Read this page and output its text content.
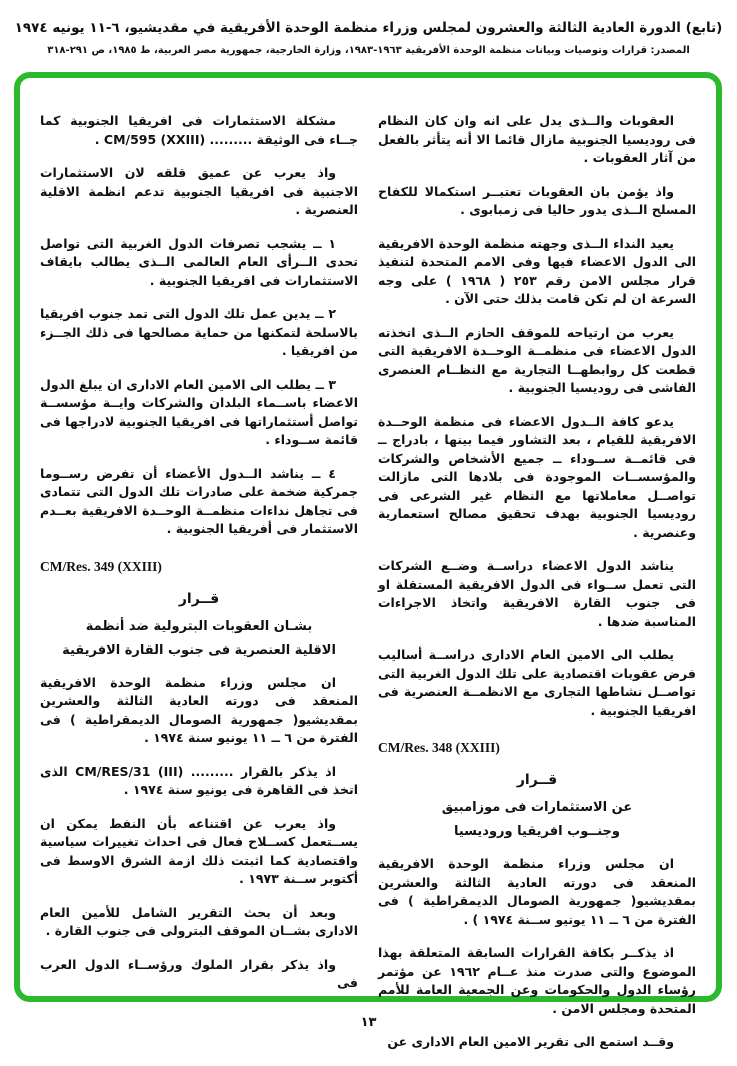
(تابع) الدورة العادية الثالثة والعشرون لمجلس وزراء منظمة الوحدة الأفريقية في مقديشيو، ٦-١١ يونيه ١٩٧٤
المصدر: قرارات وتوصيات وبيانات منظمة الوحدة الأفريقية ١٩٦٣-١٩٨٣، وزارة الخارجية، جمهورية مصر العربية، ط ١٩٨٥، ص ٢٩١-٣١٨

العقوبات والــذى يدل على انه وان كان النظام فى روديسيا الجنوبية مازال قائما الا أنه يتأثر بالفعل من آثار العقوبات .

واذ يؤمن بان العقوبات تعتبــر استكمالا للكفاح المسلح الــذى يدور حاليا فى زمبابوى .

يعيد النداء الــذى وجهته منظمة الوحدة الافريقية الى الدول الاعضاء فيها وفى الامم المتحدة لتنفيذ قرار مجلس الامن رقم ٢٥٣ ( ١٩٦٨ ) على وجه السرعة ان لم تكن قامت بذلك حتى الآن .

يعرب من ارتياحه للموقف الحازم الــذى اتخذته الدول الاعضاء فى منظمــة الوحــدة الافريقية التى قطعت كل روابطهــا التجارية مع النظــام العنصرى الفاشى فى روديسيا الجنوبية .

يدعو كافة الــدول الاعضاء فى منظمة الوحــدة الافريقية للقيام ، بعد التشاور فيما بينها ، بادراج ــ فى قائمــة ســوداء ــ جميع الأشخاص والشركات والمؤسســات الموجودة فى بلادها التى مازالت تواصــل معاملاتها مع النظام غير الشرعى فى روديسيا الجنوبية بهدف تحقيق مصالح استعمارية وعنصرية .

يناشد الدول الاعضاء دراســة وضــع الشركات التى تعمل ســواء فى الدول الافريقية المستقلة او فى جنوب القارة الافريقية واتخاذ الاجراءات المناسبة ضدها .

يطلب الى الامين العام الادارى دراســة أساليب فرض عقوبات اقتصادية على تلك الدول الغربية التى تواصــل نشاطها التجارى مع الانظمــة العنصرية فى افريقيا الجنوبية .

CM/Res. 348 (XXIII)
قــرار
عن الاستثمارات فى موزامبيق
وجنــوب افريقيا وروديسيا

ان مجلس وزراء منظمة الوحدة الافريقية المنعقد فى دورته العادية الثالثة والعشرين بمقديشيو( جمهورية الصومال الديمقراطية ) فى الفترة من ٦ ــ ١١ يونيو ســنة ١٩٧٤ ) .

اذ يذكــر بكافة القرارات السابقة المتعلقة بهذا الموضوع والتى صدرت منذ عــام ١٩٦٢ عن مؤتمر رؤساء الدول والحكومات وعن الجمعية العامة للأمم المتحدة ومجلس الامن .

وقــد استمع الى تقرير الامين العام الادارى عن

مشكلة الاستثمارات فى افريقيا الجنوبية كما جــاء فى الوثيقة ......... CM/595 (XXIII) .

واذ يعرب عن عميق قلقه لان الاستثمارات الاجنبية فى افريقيا الجنوبية تدعم انظمة الاقلية العنصرية .

١ ــ يشجب تصرفات الدول الغربية التى تواصل تحدى الــرأى العام العالمى الــذى يطالب بايقاف الاستثمارات فى افريقيا الجنوبية .

٢ ــ يدين عمل تلك الدول التى تمد جنوب افريقيا بالاسلحة لتمكنها من حماية مصالحها فى ذلك الجــزء من افريقيا .

٣ ــ يطلب الى الامين العام الادارى ان يبلغ الدول الاعضاء باســماء البلدان والشركات وايــة مؤسســة تواصل أستثماراتها فى افريقيا الجنوبية لادراجها فى قائمة ســوداء .

٤ ــ يناشد الــدول الأعضاء أن تفرض رســوما جمركية ضخمة على صادرات تلك الدول التى تتمادى فى تجاهل نداءات منظمــة الوحــدة الافريقية بعــدم الاستثمار فى أفريقيا الجنوبية .

CM/Res. 349 (XXIII)
قــرار
بشـان العقوبات البترولية ضد أنظمة
الاقلية العنصرية فى جنوب القارة الافريقية

ان مجلس وزراء منظمة الوحدة الافريقية المنعقد فى دورته العادية الثالثة والعشرين بمقديشيو( جمهورية الصومال الديمقراطية ) فى الفترة من ٦ ــ ١١ يونيو سنة ١٩٧٤ .

اذ يذكر بالقرار ......... CM/RES/31 (III) الذى اتخذ فى القاهرة فى يونيو سنة ١٩٧٤ .

واذ يعرب عن اقتناعه بأن النفط يمكن ان يســتعمل كســلاح فعال فى احداث تغييرات سياسية واقتصادية كما اثبتت ذلك ازمة الشرق الاوسط فى أكتوبر ســنة ١٩٧٣ .

وبعد أن بحث التقرير الشامل للأمين العام الادارى بشــان الموقف البترولى فى جنوب القارة .

واذ يذكر بقرار الملوك ورؤســاء الدول العرب فى

١٣
